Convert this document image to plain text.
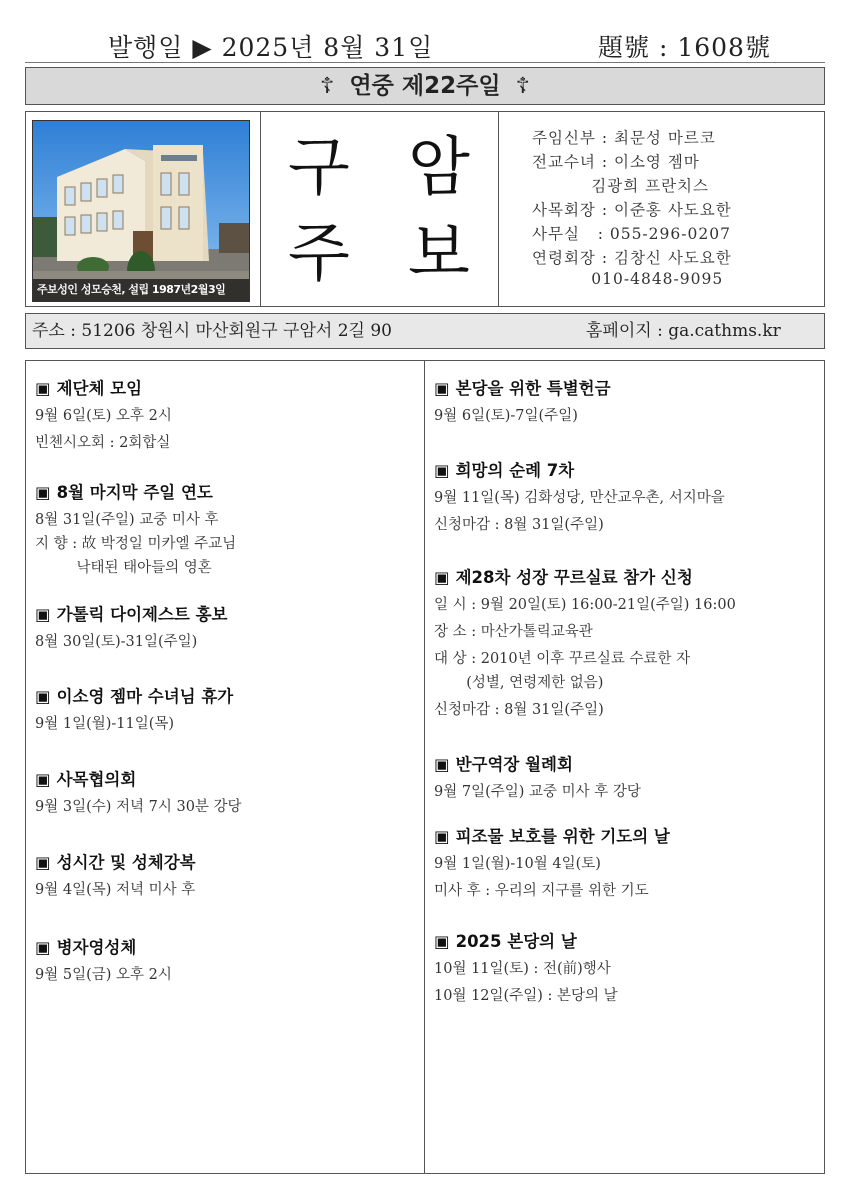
발행일 ▶ 2025년 8월 31일	題號 : 1608號
☦ 연중 제22주일 ☦
주보성인 성모승천, 설립 1987년2월3일
구 암
주 보
주임신부 : 최문성 마르코
전교수녀 : 이소영 젬마
김광희 프란치스
사목회장 : 이준홍 사도요한
사무실   : 055-296-0207
연령회장 : 김창신 사도요한
010-4848-9095
주소 : 51206 창원시 마산회원구 구암서 2길 90	홈페이지 : ga.cathms.kr
▣ 제단체 모임
9월 6일(토) 오후 2시
빈첸시오회 : 2회합실
▣ 8월 마지막 주일 연도
8월 31일(주일) 교중 미사 후
지 향 : 故 박정일 미카엘 주교님
낙태된 태아들의 영혼
▣ 가톨릭 다이제스트 홍보
8월 30일(토)-31일(주일)
▣ 이소영 젬마 수녀님 휴가
9월 1일(월)-11일(목)
▣ 사목협의회
9월 3일(수) 저녁 7시 30분 강당
▣ 성시간 및 성체강복
9월 4일(목) 저녁 미사 후
▣ 병자영성체
9월 5일(금) 오후 2시
▣ 본당을 위한 특별헌금
9월 6일(토)-7일(주일)
▣ 희망의 순례 7차
9월 11일(목) 김화성당, 만산교우촌, 서지마을
신청마감 : 8월 31일(주일)
▣ 제28차 성장 꾸르실료 참가 신청
일 시 : 9월 20일(토) 16:00-21일(주일) 16:00
장 소 : 마산가톨릭교육관
대 상 : 2010년 이후 꾸르실료 수료한 자
(성별, 연령제한 없음)
신청마감 : 8월 31일(주일)
▣ 반구역장 월례회
9월 7일(주일) 교중 미사 후 강당
▣ 피조물 보호를 위한 기도의 날
9월 1일(월)-10월 4일(토)
미사 후 : 우리의 지구를 위한 기도
▣ 2025 본당의 날
10월 11일(토) : 전(前)행사
10월 12일(주일) : 본당의 날
